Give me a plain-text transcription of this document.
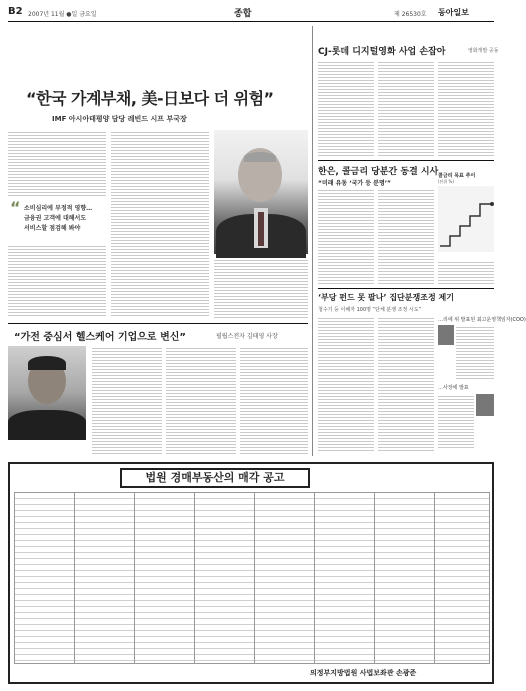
B2 2007년 11월 ●일 금요일	종합	제 26530호 동아일보
“한국 가계부채, 美-日보다 더 위험”
IMF 아시아태평양 담당 레빈드 시프 부국장
“ 소비심리에 부정적 영향…
금융권 고객에 대해서도
서비스할 점검해 봐야
“가전 중심서 헬스케어 기업으로 변신”	필립스전자 김태영 사장
CJ-롯데 디지털영화 사업 손잡아	영화개발 공동
한은, 콜금리 당분간 동결 시사
“미래 유동 ‘국가 등 분명’”
콜금리 목표 추이
(단위 %)
‘부당 펀드 못 팔나’ 집단분쟁조정 제기
청수기 등 이해자 100명 “단체 분쟁 조정 시도”
…리에 위 발표된 최고운영책임자(COO)
…사장에 발표
법원 경매부동산의 매각 공고
의정부지방법원 사법보좌관 손광준
